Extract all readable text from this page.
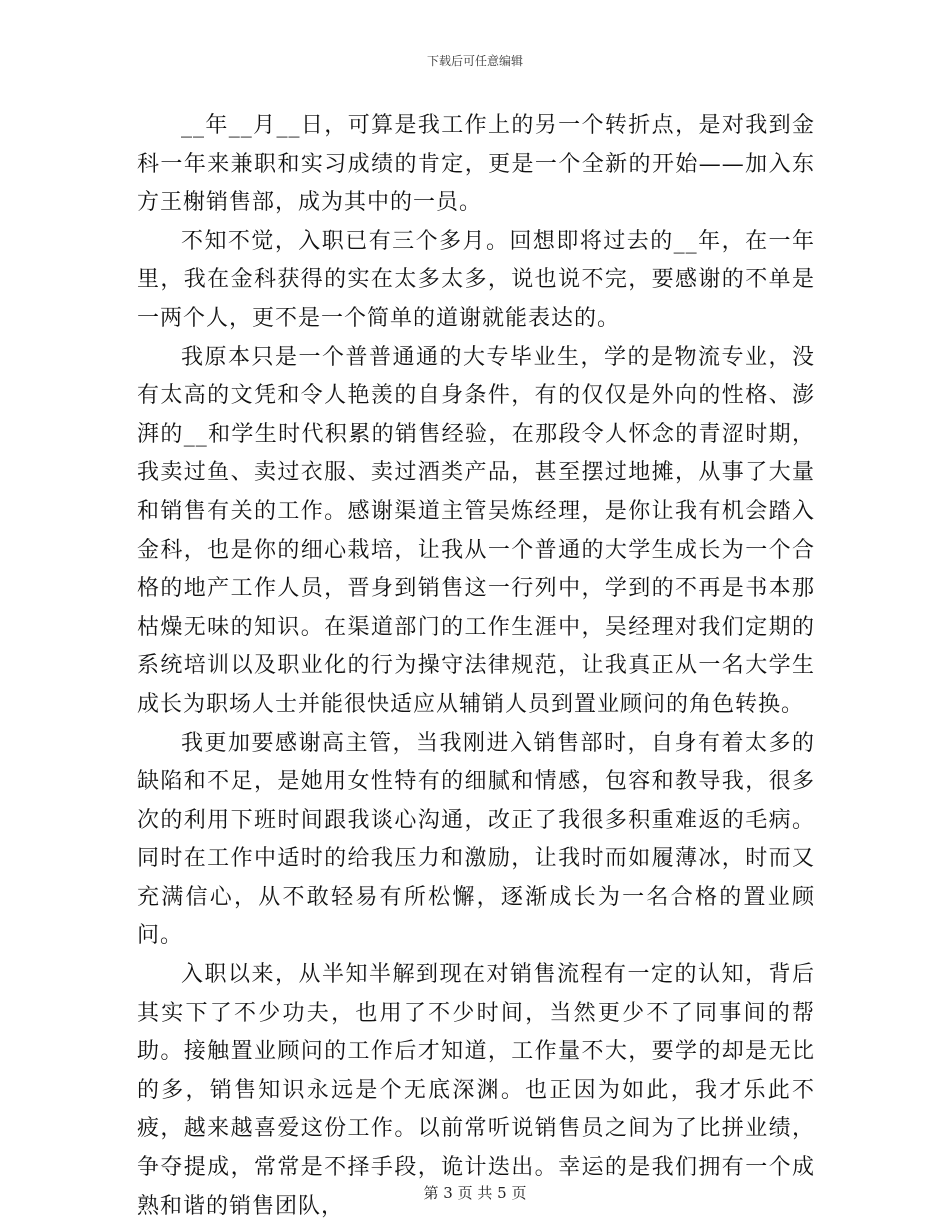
下载后可任意编辑

__年__月__日，可算是我工作上的另一个转折点，是对我到金科一年来兼职和实习成绩的肯定，更是一个全新的开始——加入东方王榭销售部，成为其中的一员。

不知不觉，入职已有三个多月。回想即将过去的__年，在一年里，我在金科获得的实在太多太多，说也说不完，要感谢的不单是一两个人，更不是一个简单的道谢就能表达的。

我原本只是一个普普通通的大专毕业生，学的是物流专业，没有太高的文凭和令人艳羡的自身条件，有的仅仅是外向的性格、澎湃的__和学生时代积累的销售经验，在那段令人怀念的青涩时期，我卖过鱼、卖过衣服、卖过酒类产品，甚至摆过地摊，从事了大量和销售有关的工作。感谢渠道主管吴炼经理，是你让我有机会踏入金科，也是你的细心栽培，让我从一个普通的大学生成长为一个合格的地产工作人员，晋身到销售这一行列中，学到的不再是书本那枯燥无味的知识。在渠道部门的工作生涯中，吴经理对我们定期的系统培训以及职业化的行为操守法律规范，让我真正从一名大学生成长为职场人士并能很快适应从辅销人员到置业顾问的角色转换。

我更加要感谢高主管，当我刚进入销售部时，自身有着太多的缺陷和不足，是她用女性特有的细腻和情感，包容和教导我，很多次的利用下班时间跟我谈心沟通，改正了我很多积重难返的毛病。同时在工作中适时的给我压力和激励，让我时而如履薄冰，时而又充满信心，从不敢轻易有所松懈，逐渐成长为一名合格的置业顾问。

入职以来，从半知半解到现在对销售流程有一定的认知，背后其实下了不少功夫，也用了不少时间，当然更少不了同事间的帮助。接触置业顾问的工作后才知道，工作量不大，要学的却是无比的多，销售知识永远是个无底深渊。也正因为如此，我才乐此不疲，越来越喜爱这份工作。以前常听说销售员之间为了比拼业绩，争夺提成，常常是不择手段，诡计迭出。幸运的是我们拥有一个成熟和谐的销售团队，

第 3 页 共 5 页
